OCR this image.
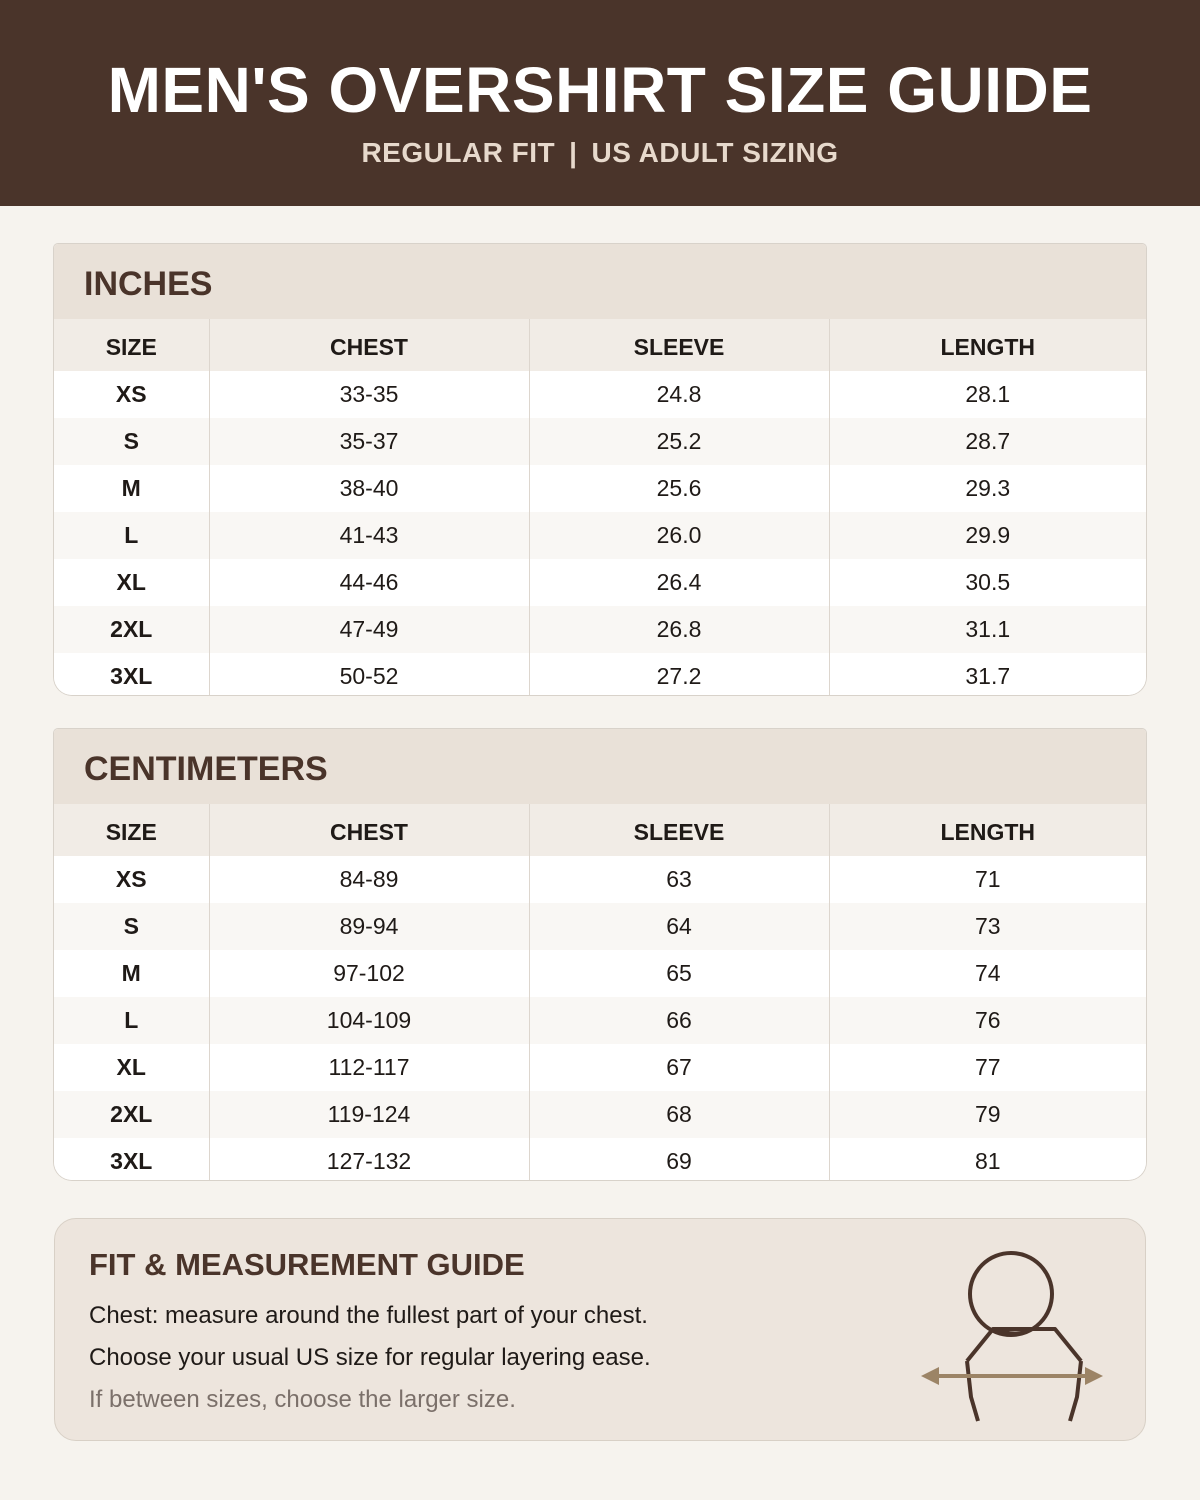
MEN'S OVERSHIRT SIZE GUIDE
REGULAR FIT | US ADULT SIZING
INCHES
SIZE	CHEST	SLEEVE	LENGTH
XS	33-35	24.8	28.1
S	35-37	25.2	28.7
M	38-40	25.6	29.3
L	41-43	26.0	29.9
XL	44-46	26.4	30.5
2XL	47-49	26.8	31.1
3XL	50-52	27.2	31.7
CENTIMETERS
SIZE	CHEST	SLEEVE	LENGTH
XS	84-89	63	71
S	89-94	64	73
M	97-102	65	74
L	104-109	66	76
XL	112-117	67	77
2XL	119-124	68	79
3XL	127-132	69	81
FIT & MEASUREMENT GUIDE

Chest: measure around the fullest part of your chest.

Choose your usual US size for regular layering ease.

If between sizes, choose the larger size.
